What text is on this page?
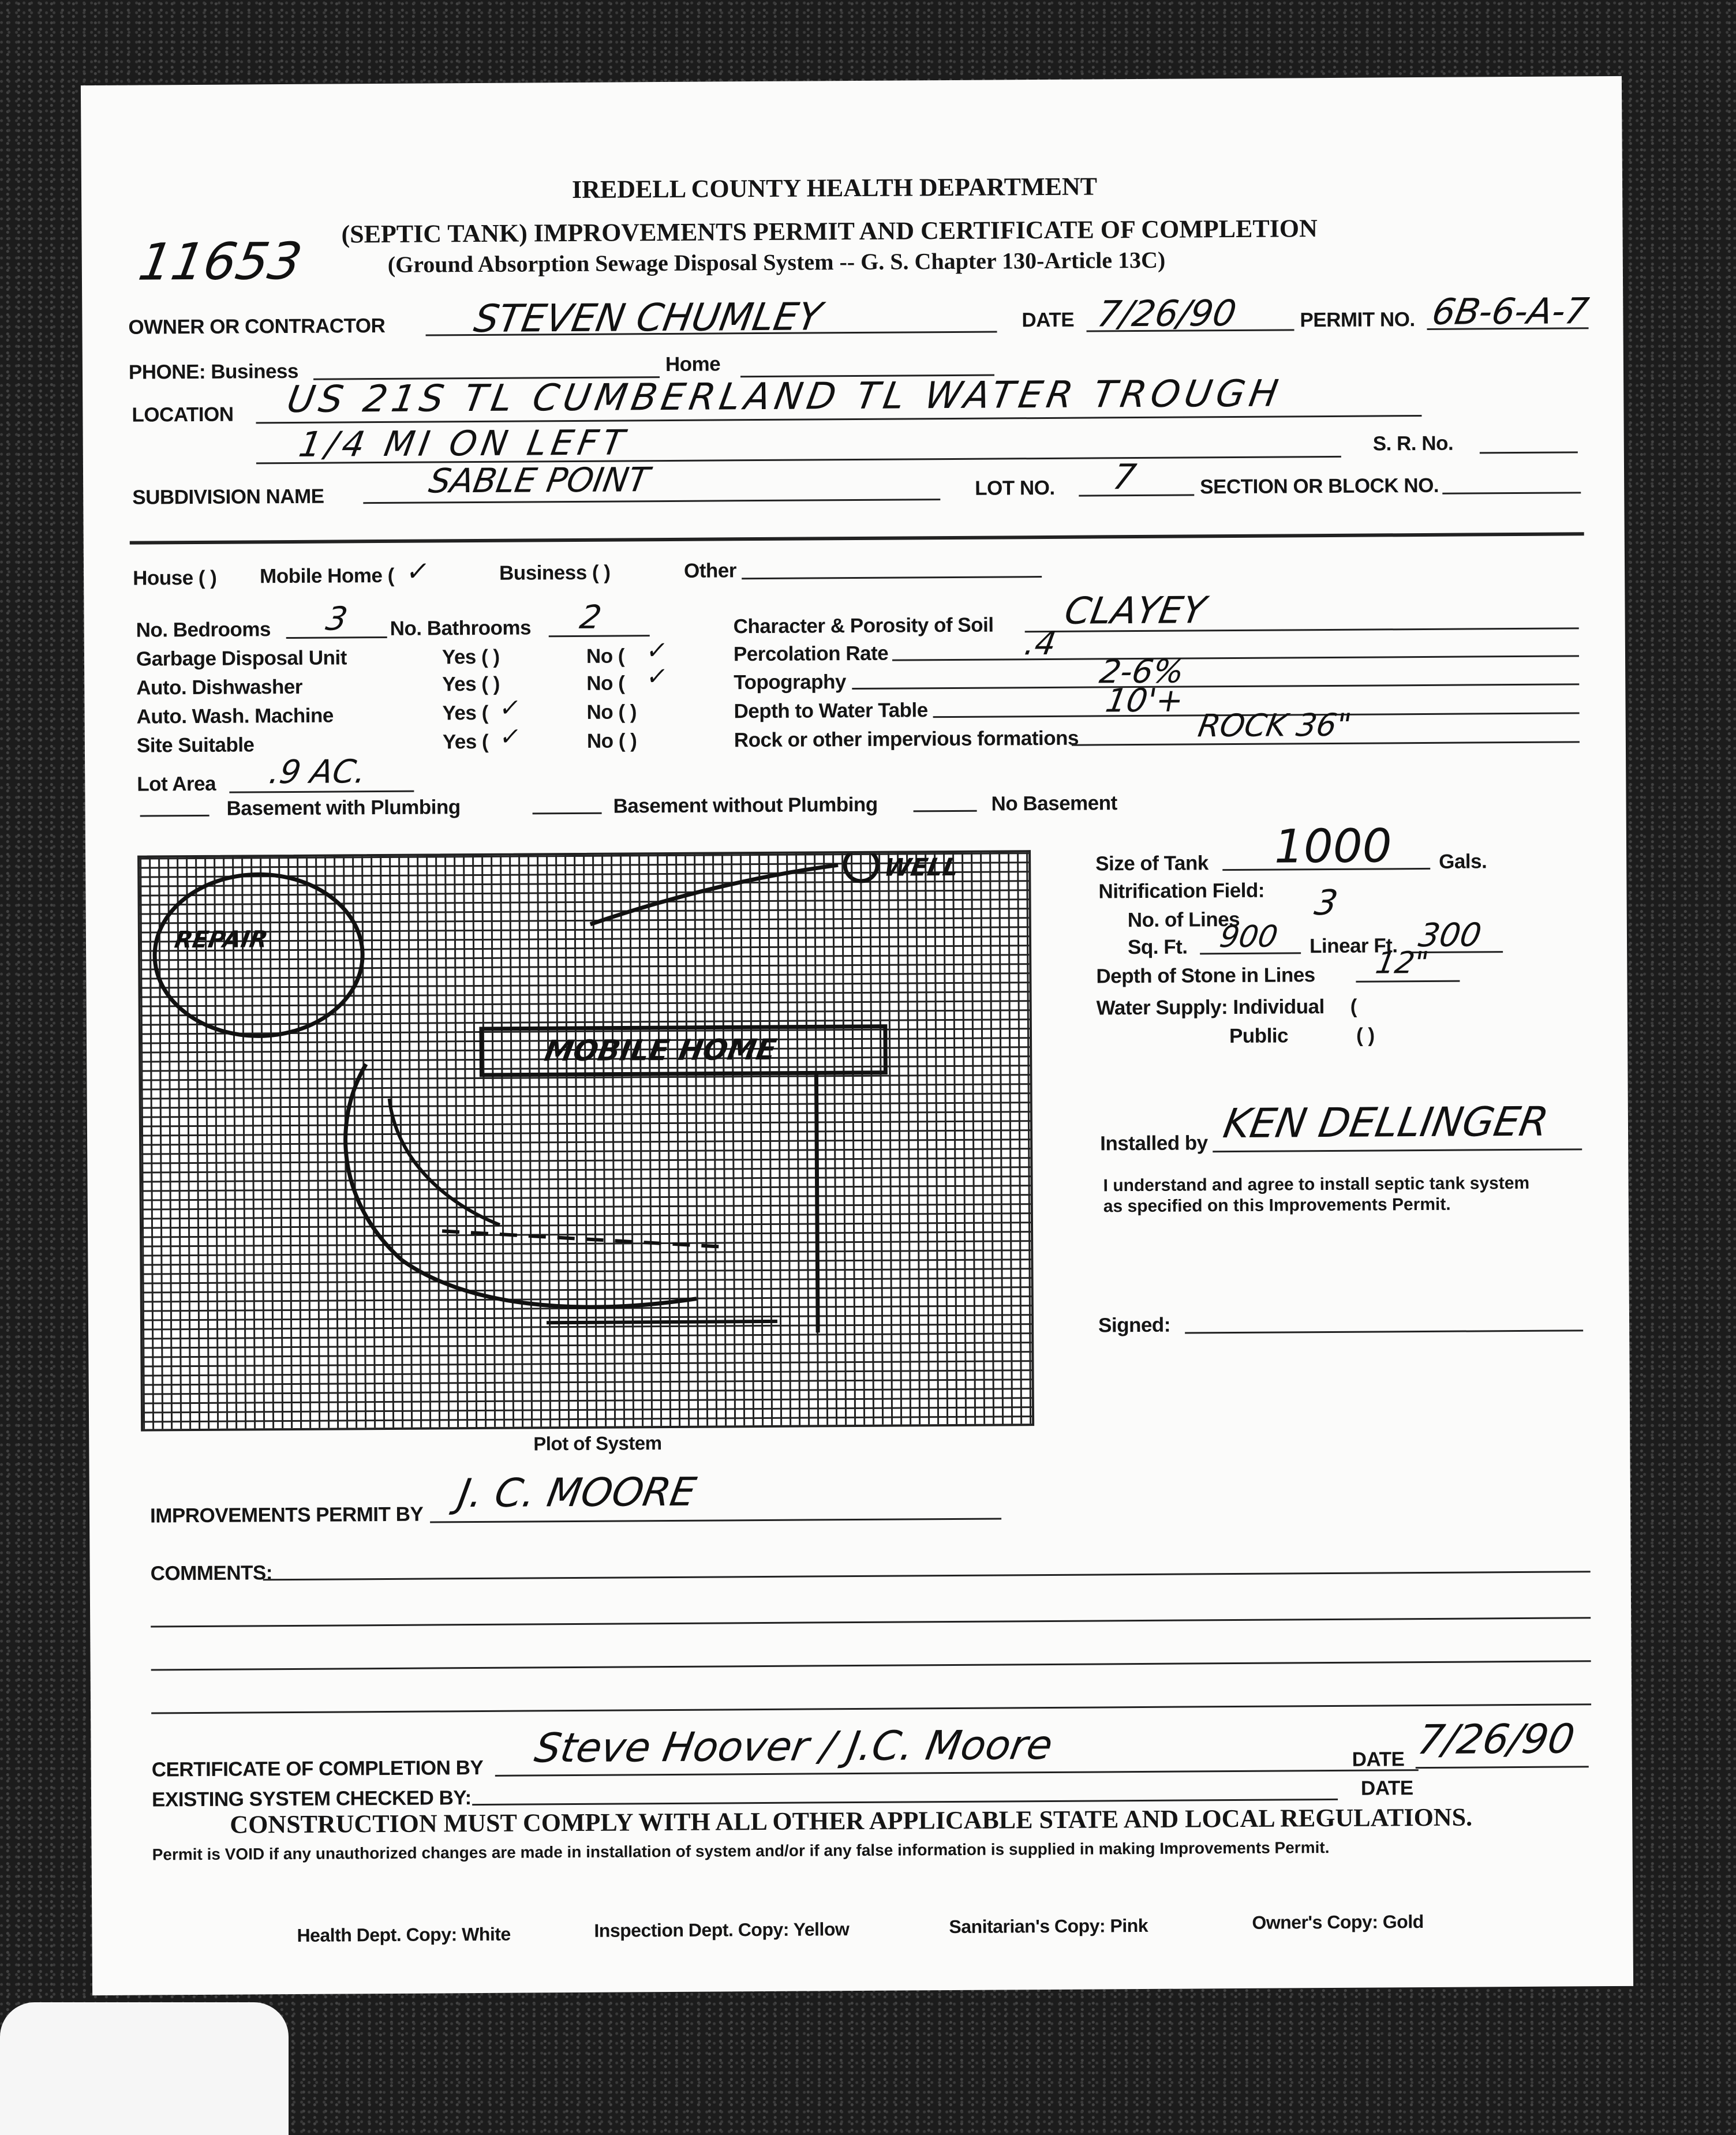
11653
IREDELL COUNTY HEALTH DEPARTMENT
(SEPTIC TANK) IMPROVEMENTS PERMIT AND CERTIFICATE OF COMPLETION
(Ground Absorption Sewage Disposal System -- G. S. Chapter 130-Article 13C)
OWNER OR CONTRACTOR STEVEN CHUMLEY	DATE 7/26/90	PERMIT NO. 6B-6-A-7
PHONE: Business	Home
LOCATION US 21S TL CUMBERLAND TL WATER TROUGH
1/4 MI ON LEFT	S. R. No.
SUBDIVISION NAME	SABLE POINT	LOT NO. 7	SECTION OR BLOCK NO.
House ( ) Mobile Home ( ✓	Business ( )	Other
No. Bedrooms 3 No. Bathrooms 2
Garbage Disposal Unit	Yes ( )	No ( ✓
Auto. Dishwasher	Yes ( )	No ( ✓
Auto. Wash. Machine	Yes ( ✓	No ( )
Site Suitable	Yes ( ✓	No ( )
Lot Area .9 AC.
Character & Porosity of Soil CLAYEY
Percolation Rate	.4
Topography	2-6%
Depth to Water Table	10'+
Rock or other impervious formations	ROCK 36"
Basement with Plumbing	Basement without Plumbing	No Basement
REPAIR
WELL
MOBILE HOME
Plot of System
Size of Tank 1000 Gals.
Nitrification Field:
No. of Lines 3
Sq. Ft. 900 Linear Ft. 300
Depth of Stone in Lines 12"
Water Supply: Individual (
Public	( )
Installed by KEN DELLINGER
I understand and agree to install septic tank system as specified on this Improvements Permit.
Signed:
IMPROVEMENTS PERMIT BY J. C. MOORE
COMMENTS:
CERTIFICATE OF COMPLETION BY Steve Hoover / J.C. Moore	DATE 7/26/90
EXISTING SYSTEM CHECKED BY:	DATE
CONSTRUCTION MUST COMPLY WITH ALL OTHER APPLICABLE STATE AND LOCAL REGULATIONS.
Permit is VOID if any unauthorized changes are made in installation of system and/or if any false information is supplied in making Improvements Permit.
Health Dept. Copy: White	Inspection Dept. Copy: Yellow	Sanitarian's Copy: Pink	Owner's Copy: Gold
